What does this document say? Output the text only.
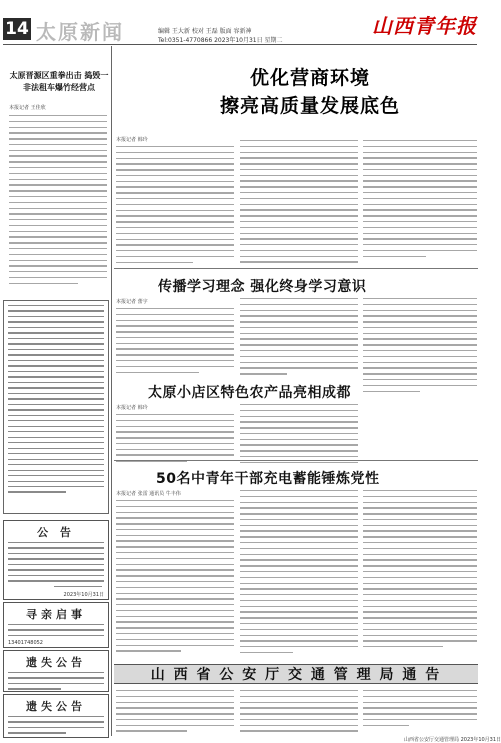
14 太原新闻	编辑 王大新 校对 王磊 版面 容新神
Tel:0351-4770866 2023年10月31日 星期二
山西青年报
太原晋源区重拳出击 捣毁一非法租车爆竹经营点
本报记者 王佳欣
公 告
2023年10月31日
寻亲启事
13401748052
遗失公告
遗失公告
优化营商环境
擦亮高质量发展底色
本报记者 韩玲
传播学习理念 强化终身学习意识
本报记者 蕾宇
太原小店区特色农产品亮相成都
本报记者 韩玲
50名中青年干部充电蓄能锤炼党性
本报记者 张雷 通讯员 牛丰伟
山 西 省 公 安 厅 交 通 管 理 局 通 告
山西省公安厅交通管理局 2023年10月31日
